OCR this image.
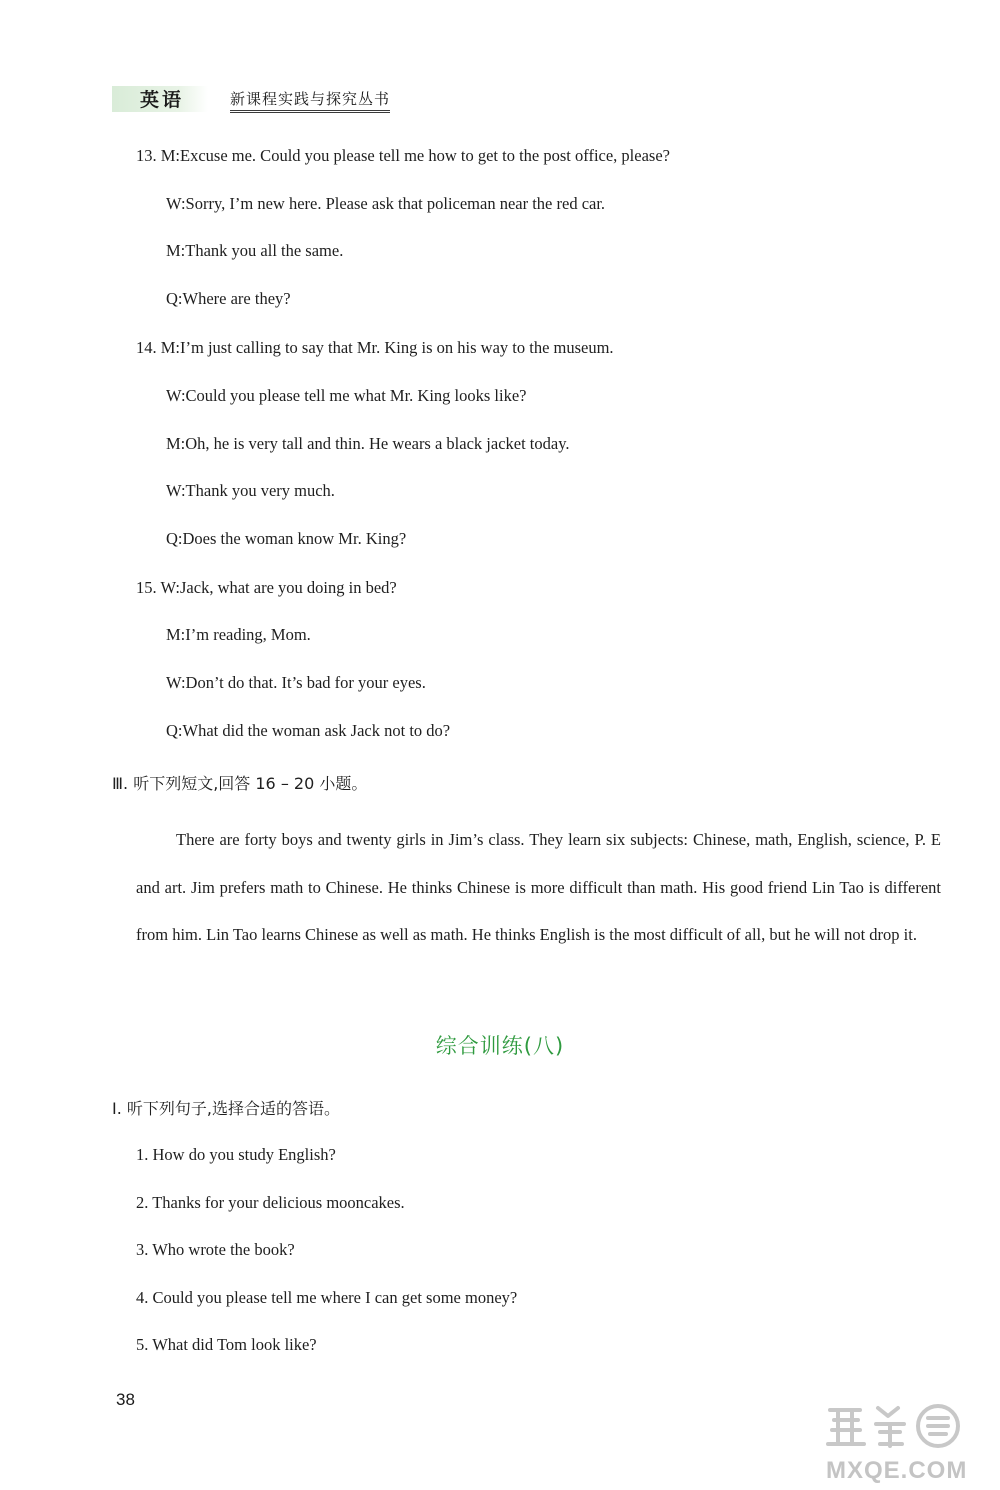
英语	新课程实践与探究丛书
13. M:Excuse me. Could you please tell me how to get to the post office, please?
W:Sorry, I’m new here. Please ask that policeman near the red car.
M:Thank you all the same.
Q:Where are they?
14. M:I’m just calling to say that Mr. King is on his way to the museum.
W:Could you please tell me what Mr. King looks like?
M:Oh, he is very tall and thin. He wears a black jacket today.
W:Thank you very much.
Q:Does the woman know Mr. King?
15. W:Jack, what are you doing in bed?
M:I’m reading, Mom.
W:Don’t do that. It’s bad for your eyes.
Q:What did the woman ask Jack not to do?
Ⅲ. 听下列短文,回答 16 – 20 小题。
There are forty boys and twenty girls in Jim’s class. They learn six subjects: Chinese, math, English, science, P. E and art. Jim prefers math to Chinese. He thinks Chinese is more difficult than math. His good friend Lin Tao is different from him. Lin Tao learns Chinese as well as math. He thinks English is the most difficult of all, but he will not drop it.
综合训练(八)
Ⅰ. 听下列句子,选择合适的答语。
1. How do you study English?
2. Thanks for your delicious mooncakes.
3. Who wrote the book?
4. Could you please tell me where I can get some money?
5. What did Tom look like?
38
MXQE.COM
